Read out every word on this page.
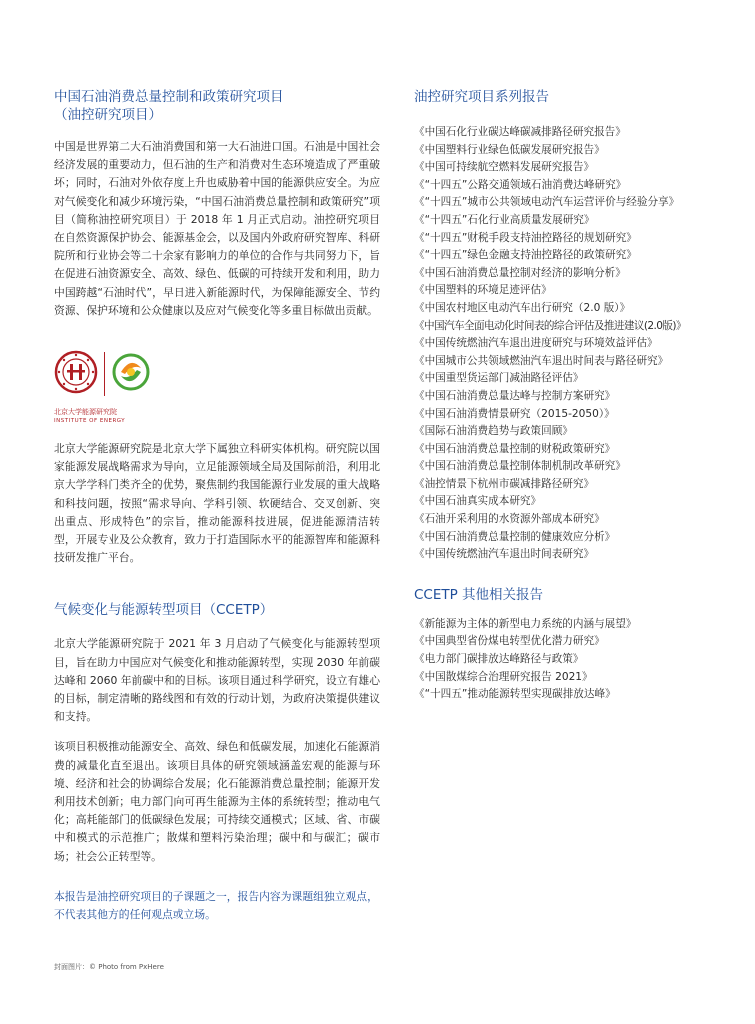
中国石油消费总量控制和政策研究项目
（油控研究项目）

中国是世界第二大石油消费国和第一大石油进口国。石油是中国社会经济发展的重要动力，但石油的生产和消费对生态环境造成了严重破坏；同时，石油对外依存度上升也威胁着中国的能源供应安全。为应对气候变化和减少环境污染，“中国石油消费总量控制和政策研究”项目（简称油控研究项目）于 2018 年 1 月正式启动。油控研究项目在自然资源保护协会、能源基金会，以及国内外政府研究智库、科研院所和行业协会等二十余家有影响力的单位的合作与共同努力下，旨在促进石油资源安全、高效、绿色、低碳的可持续开发和利用，助力中国跨越“石油时代”，早日进入新能源时代，为保障能源安全、节约资源、保护环境和公众健康以及应对气候变化等多重目标做出贡献。

北京大学能源研究院
INSTITUTE OF ENERGY

北京大学能源研究院是北京大学下属独立科研实体机构。研究院以国家能源发展战略需求为导向，立足能源领域全局及国际前沿，利用北京大学学科门类齐全的优势，聚焦制约我国能源行业发展的重大战略和科技问题，按照“需求导向、学科引领、软硬结合、交叉创新、突出重点、形成特色”的宗旨，推动能源科技进展，促进能源清洁转型，开展专业及公众教育，致力于打造国际水平的能源智库和能源科技研发推广平台。

气候变化与能源转型项目（CCETP）

北京大学能源研究院于 2021 年 3 月启动了气候变化与能源转型项目，旨在助力中国应对气候变化和推动能源转型，实现 2030 年前碳达峰和 2060 年前碳中和的目标。该项目通过科学研究，设立有雄心的目标，制定清晰的路线图和有效的行动计划，为政府决策提供建议和支持。

该项目积极推动能源安全、高效、绿色和低碳发展，加速化石能源消费的减量化直至退出。该项目具体的研究领域涵盖宏观的能源与环境、经济和社会的协调综合发展；化石能源消费总量控制；能源开发利用技术创新；电力部门向可再生能源为主体的系统转型；推动电气化；高耗能部门的低碳绿色发展；可持续交通模式；区域、省、市碳中和模式的示范推广；散煤和塑料污染治理；碳中和与碳汇；碳市场；社会公正转型等。

本报告是油控研究项目的子课题之一，报告内容为课题组独立观点，不代表其他方的任何观点或立场。

油控研究项目系列报告
《中国石化行业碳达峰碳减排路径研究报告》
《中国塑料行业绿色低碳发展研究报告》
《中国可持续航空燃料发展研究报告》
《“十四五”公路交通领域石油消费达峰研究》
《“十四五”城市公共领域电动汽车运营评价与经验分享》
《“十四五”石化行业高质量发展研究》
《“十四五”财税手段支持油控路径的规划研究》
《“十四五”绿色金融支持油控路径的政策研究》
《中国石油消费总量控制对经济的影响分析》
《中国塑料的环境足迹评估》
《中国农村地区电动汽车出行研究（2.0 版）》
《中国汽车全面电动化时间表的综合评估及推进建议(2.0版)》
《中国传统燃油汽车退出进度研究与环境效益评估》
《中国城市公共领域燃油汽车退出时间表与路径研究》
《中国重型货运部门减油路径评估》
《中国石油消费总量达峰与控制方案研究》
《中国石油消费情景研究（2015-2050）》
《国际石油消费趋势与政策回顾》
《中国石油消费总量控制的财税政策研究》
《中国石油消费总量控制体制机制改革研究》
《油控情景下杭州市碳减排路径研究》
《中国石油真实成本研究》
《石油开采利用的水资源外部成本研究》
《中国石油消费总量控制的健康效应分析》
《中国传统燃油汽车退出时间表研究》
CCETP 其他相关报告
《新能源为主体的新型电力系统的内涵与展望》
《中国典型省份煤电转型优化潜力研究》
《电力部门碳排放达峰路径与政策》
《中国散煤综合治理研究报告 2021》
《“十四五”推动能源转型实现碳排放达峰》
封面图片：© Photo from PxHere
